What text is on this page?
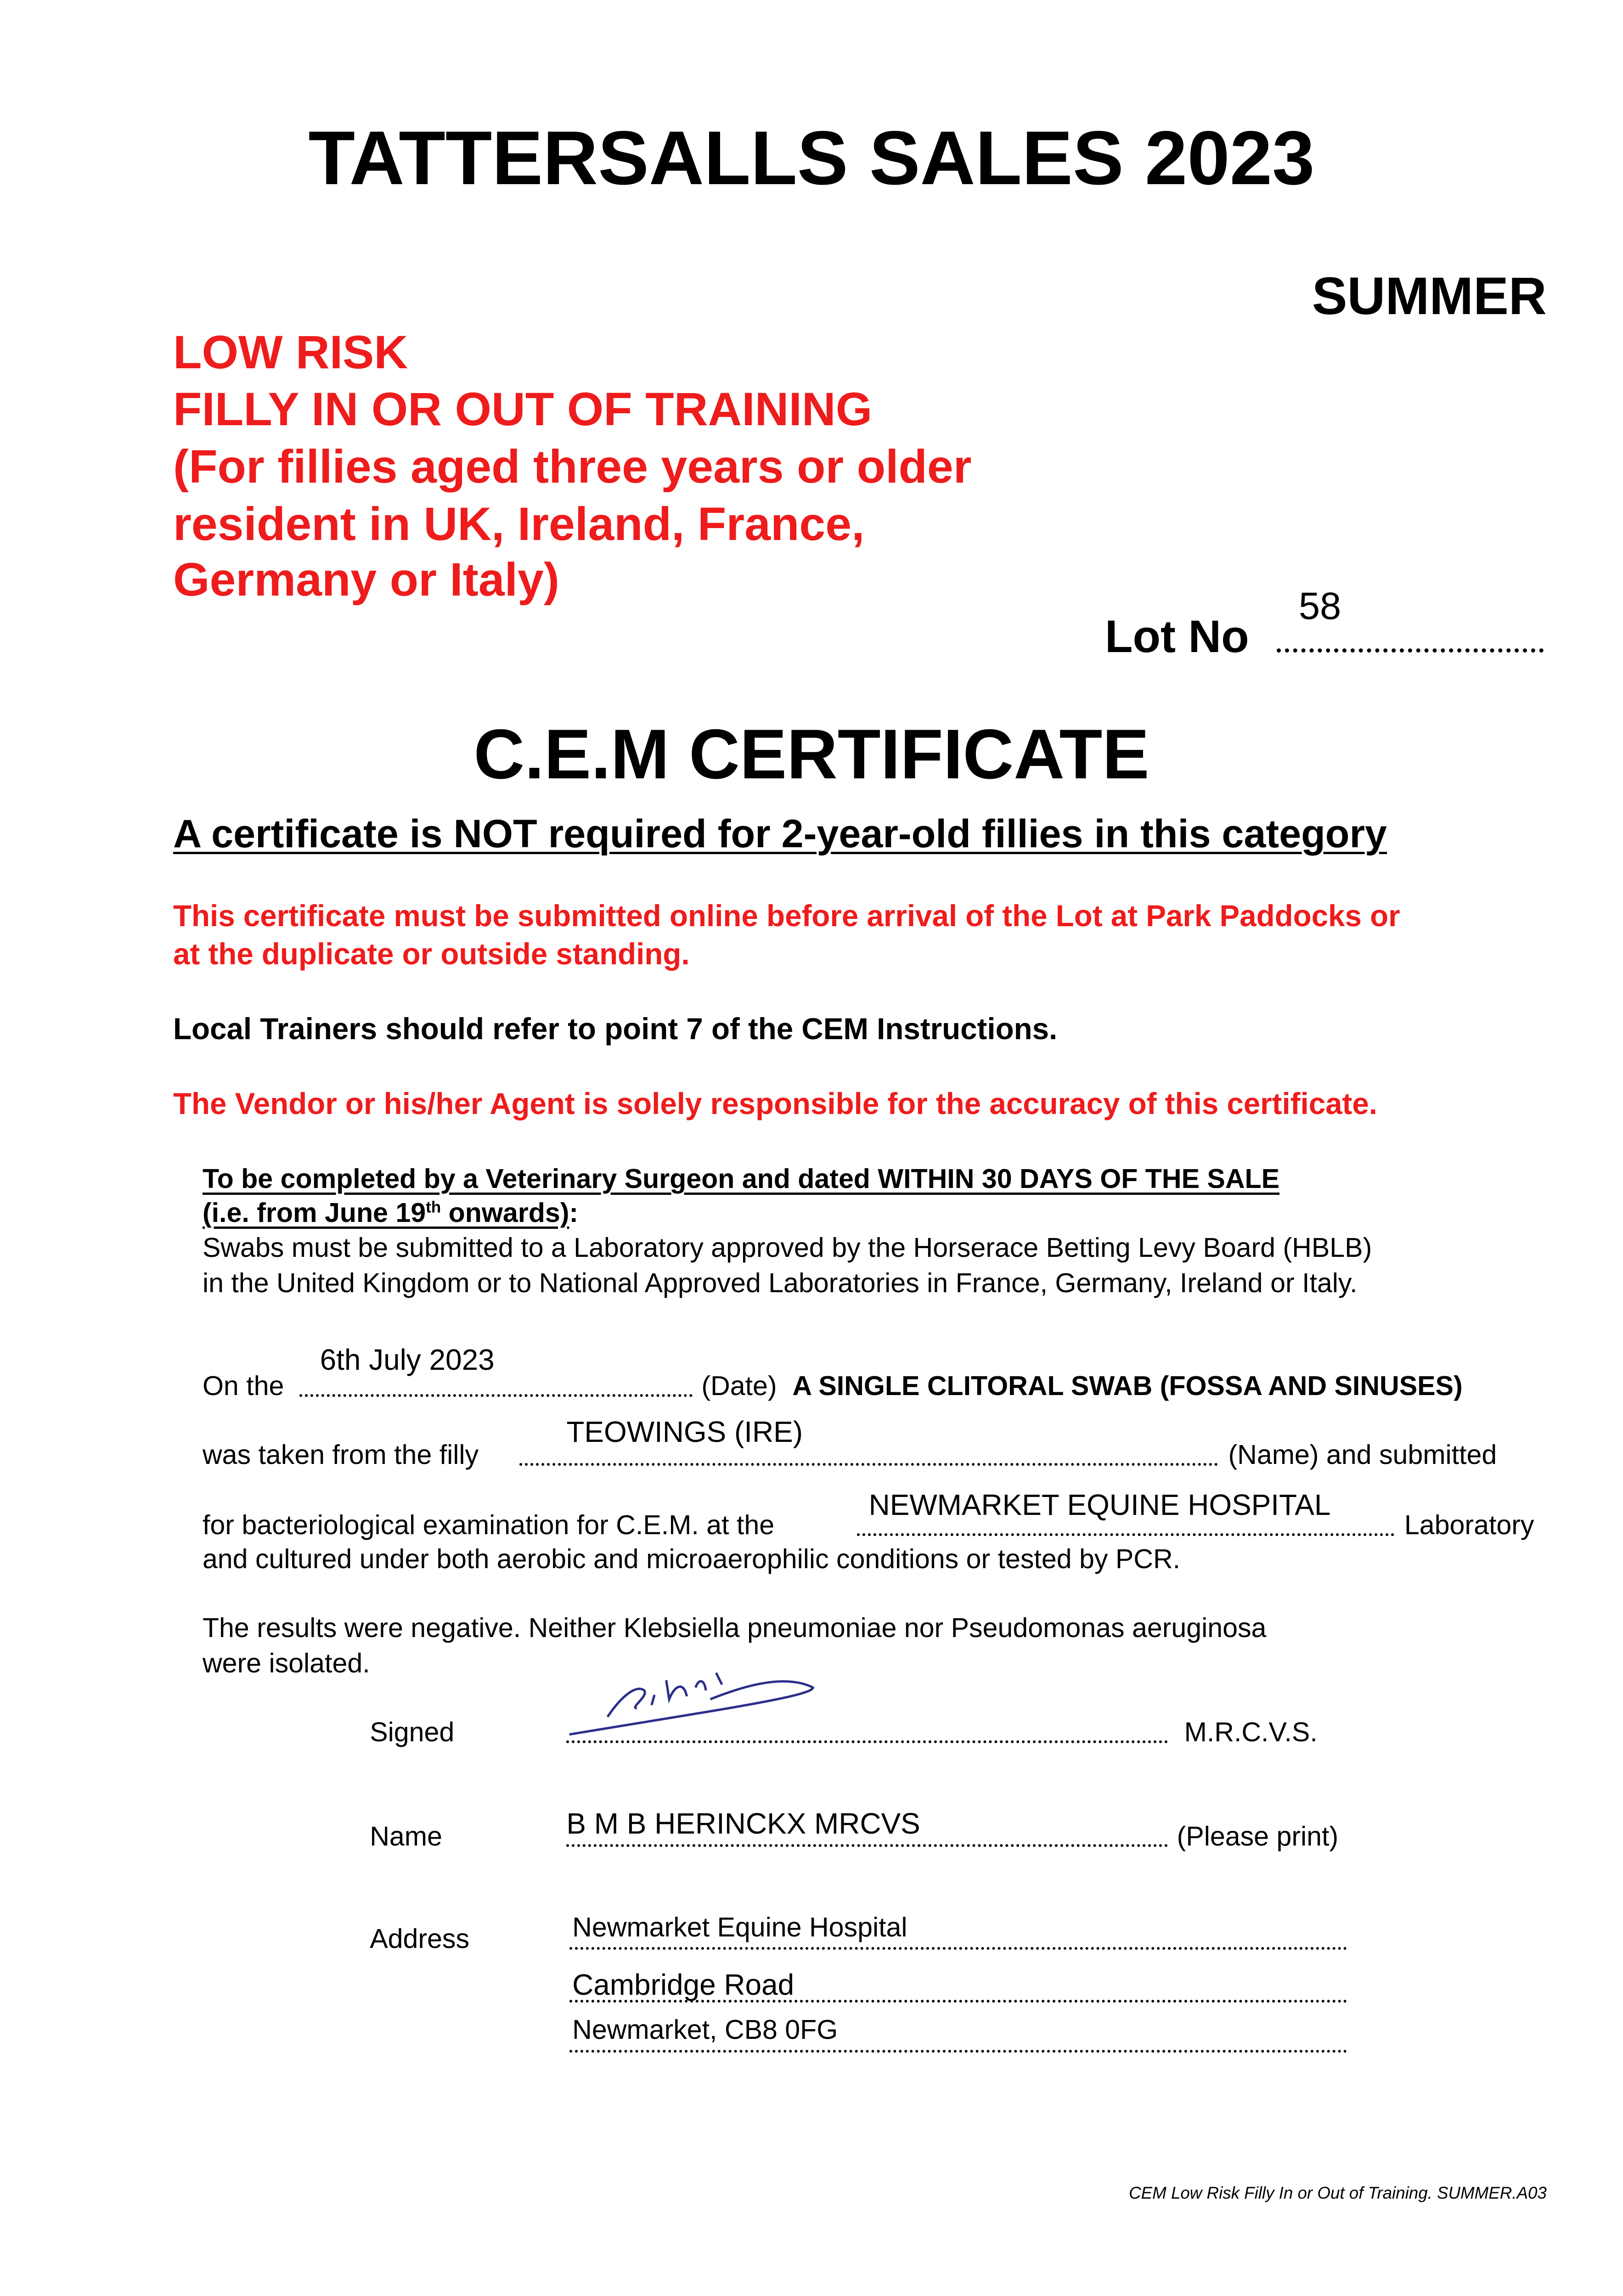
TATTERSALLS SALES 2023
SUMMER
LOW RISK
FILLY IN OR OUT OF TRAINING
(For fillies aged three years or older
resident in UK, Ireland, France,
Germany or Italy)
Lot No
58
C.E.M CERTIFICATE
A certificate is NOT required for 2-year-old fillies in this category
This certificate must be submitted online before arrival of the Lot at Park Paddocks or
at the duplicate or outside standing.
Local Trainers should refer to point 7 of the CEM Instructions.
The Vendor or his/her Agent is solely responsible for the accuracy of this certificate.
To be completed by a Veterinary Surgeon and dated WITHIN 30 DAYS OF THE SALE
(i.e. from June 19th onwards):
Swabs must be submitted to a Laboratory approved by the Horserace Betting Levy Board (HBLB)
in the United Kingdom or to National Approved Laboratories in France, Germany, Ireland or Italy.
On the
6th July 2023
(Date) A SINGLE CLITORAL SWAB (FOSSA AND SINUSES)
was taken from the filly
TEOWINGS (IRE)
(Name) and submitted
for bacteriological examination for C.E.M. at the
NEWMARKET EQUINE HOSPITAL
Laboratory
and cultured under both aerobic and microaerophilic conditions or tested by PCR.
The results were negative. Neither Klebsiella pneumoniae nor Pseudomonas aeruginosa
were isolated.
Signed	M.R.C.V.S.
Name	B M B HERINCKX MRCVS	(Please print)
Address	Newmarket Equine Hospital
Cambridge Road
Newmarket, CB8 0FG
CEM Low Risk Filly In or Out of Training. SUMMER.A03
